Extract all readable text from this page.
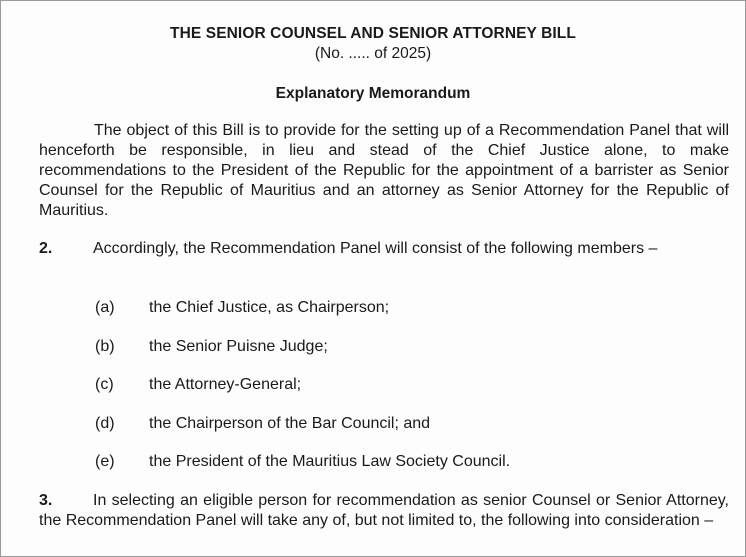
THE SENIOR COUNSEL AND SENIOR ATTORNEY BILL
(No. ..... of 2025)
Explanatory Memorandum
The object of this Bill is to provide for the setting up of a Recommendation Panel that will henceforth be responsible, in lieu and stead of the Chief Justice alone, to make recommendations to the President of the Republic for the appointment of a barrister as Senior Counsel for the Republic of Mauritius and an attorney as Senior Attorney for the Republic of Mauritius.
2.	Accordingly, the Recommendation Panel will consist of the following members –
(a) the Chief Justice, as Chairperson;
(b) the Senior Puisne Judge;
(c) the Attorney-General;
(d) the Chairperson of the Bar Council; and
(e) the President of the Mauritius Law Society Council.
3.	In selecting an eligible person for recommendation as senior Counsel or Senior Attorney, the Recommendation Panel will take any of, but not limited to, the following into consideration –
